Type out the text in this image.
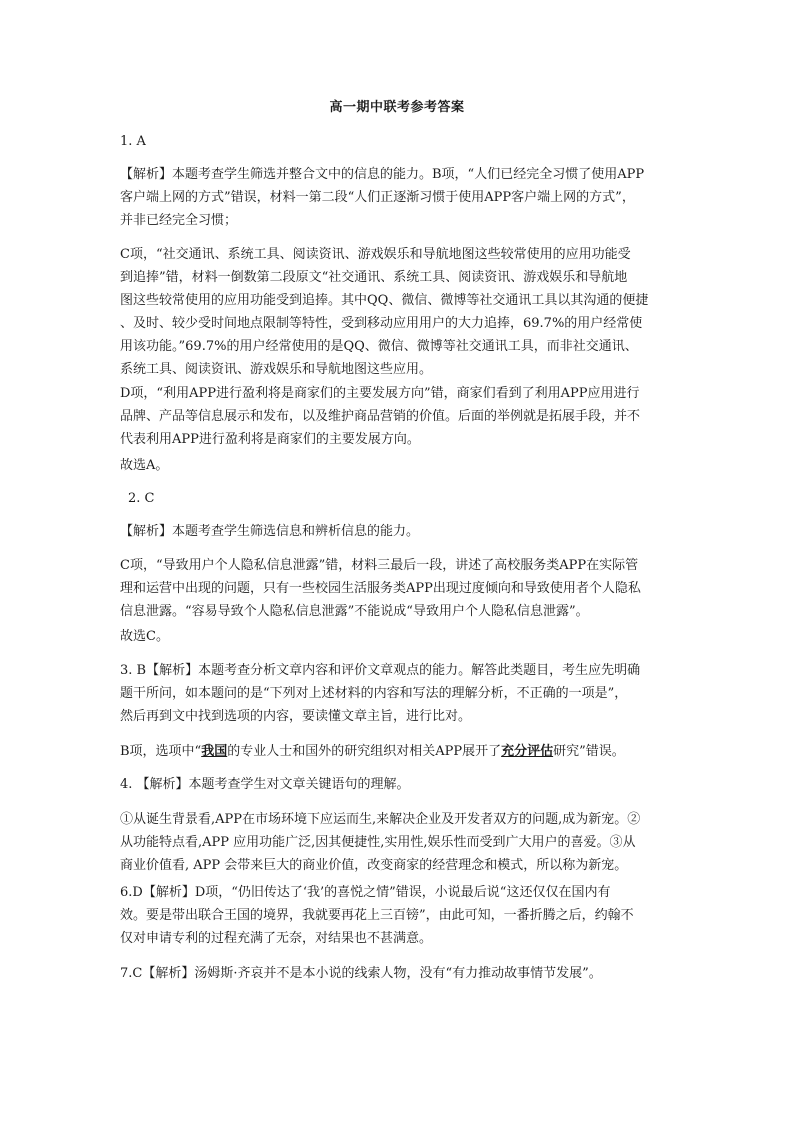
高一期中联考参考答案

1. A

【解析】本题考查学生筛选并整合文中的信息的能力。B项，“人们已经完全习惯了使用APP
客户端上网的方式”错误，材料一第二段“人们正逐渐习惯于使用APP客户端上网的方式”，
并非已经完全习惯；
C项，“社交通讯、系统工具、阅读资讯、游戏娱乐和导航地图这些较常使用的应用功能受
到追捧”错，材料一倒数第二段原文“社交通讯、系统工具、阅读资讯、游戏娱乐和导航地
图这些较常使用的应用功能受到追捧。其中QQ、微信、微博等社交通讯工具以其沟通的便捷
、及时、较少受时间地点限制等特性，受到移动应用用户的大力追捧，69.7%的用户经常使
用该功能。”69.7%的用户经常使用的是QQ、微信、微博等社交通讯工具，而非社交通讯、
系统工具、阅读资讯、游戏娱乐和导航地图这些应用。
D项，“利用APP进行盈利将是商家们的主要发展方向”错，商家们看到了利用APP应用进行
品牌、产品等信息展示和发布，以及维护商品营销的价值。后面的举例就是拓展手段，并不
代表利用APP进行盈利将是商家们的主要发展方向。

故选A。

2. C

【解析】本题考查学生筛选信息和辨析信息的能力。

C项，“导致用户个人隐私信息泄露”错，材料三最后一段，讲述了高校服务类APP在实际管
理和运营中出现的问题，只有一些校园生活服务类APP出现过度倾向和导致使用者个人隐私
信息泄露。“容易导致个人隐私信息泄露”不能说成“导致用户个人隐私信息泄露”。

故选C。

3. B【解析】本题考查分析文章内容和评价文章观点的能力。解答此类题目，考生应先明确
题干所问，如本题问的是“下列对上述材料的内容和写法的理解分析，不正确的一项是”，
然后再到文中找到选项的内容，要读懂文章主旨，进行比对。

B项，选项中“我国的专业人士和国外的研究组织对相关APP展开了充分评估研究”错误。

4. 【解析】本题考查学生对文章关键语句的理解。

①从诞生背景看,APP在市场环境下应运而生,来解决企业及开发者双方的问题,成为新宠。②
从功能特点看,APP 应用功能广泛,因其便捷性,实用性,娱乐性而受到广大用户的喜爱。③从
商业价值看, APP 会带来巨大的商业价值，改变商家的经营理念和模式，所以称为新宠。
6.D【解析】D项，“仍旧传达了‘我’的喜悦之情”错误，小说最后说“这还仅仅在国内有
效。要是带出联合王国的境界，我就要再花上三百镑”，由此可知，一番折腾之后，约翰不
仅对申请专利的过程充满了无奈，对结果也不甚满意。

7.C【解析】汤姆斯·齐哀并不是本小说的线索人物，没有“有力推动故事情节发展”。
